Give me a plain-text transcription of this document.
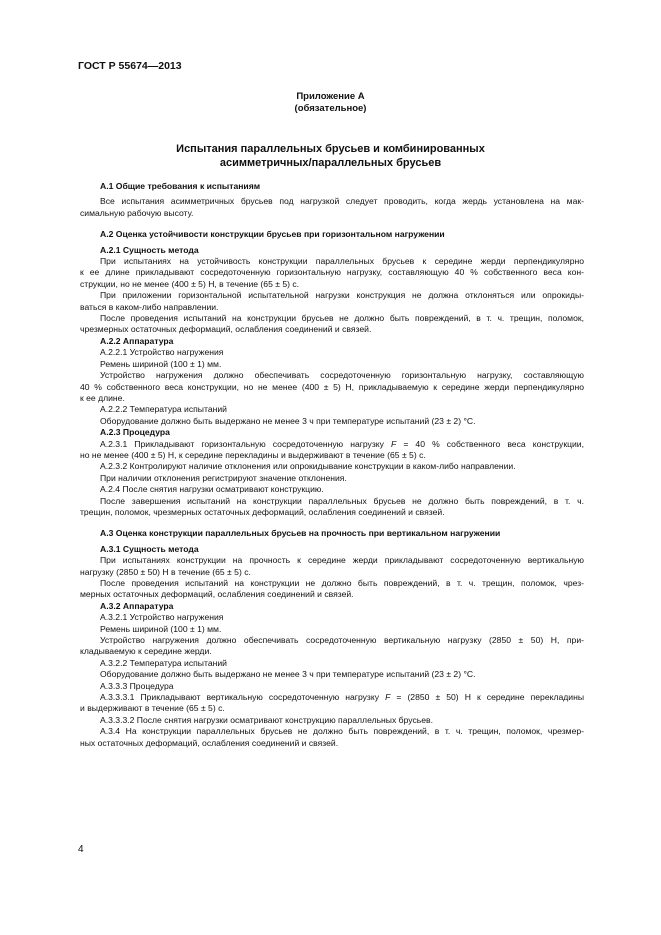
ГОСТ Р 55674—2013
Приложение А
(обязательное)
Испытания параллельных брусьев и комбинированных
асимметричных/параллельных брусьев
А.1 Общие требования к испытаниям
Все испытания асимметричных брусьев под нагрузкой следует проводить, когда жердь установлена на мак-
симальную рабочую высоту.
А.2 Оценка устойчивости конструкции брусьев при горизонтальном нагружении
А.2.1 Сущность метода
При испытаниях на устойчивость конструкции параллельных брусьев к середине жерди перпендикулярно
к ее длине прикладывают сосредоточенную горизонтальную нагрузку, составляющую 40 % собственного веса кон-
струкции, но не менее (400 ± 5) Н, в течение (65 ± 5) с.
При приложении горизонтальной испытательной нагрузки конструкция не должна отклоняться или опрокиды-
ваться в каком-либо направлении.
После проведения испытаний на конструкции брусьев не должно быть повреждений, в т. ч. трещин, поломок,
чрезмерных остаточных деформаций, ослабления соединений и связей.
А.2.2 Аппаратура
А.2.2.1 Устройство нагружения
Ремень шириной (100 ± 1) мм.
Устройство нагружения должно обеспечивать сосредоточенную горизонтальную нагрузку, составляющую
40 % собственного веса конструкции, но не менее (400 ± 5) Н, прикладываемую к середине жерди перпендикулярно
к ее длине.
А.2.2.2 Температура испытаний
Оборудование должно быть выдержано не менее 3 ч при температуре испытаний (23 ± 2) °С.
А.2.3 Процедура
А.2.3.1 Прикладывают горизонтальную сосредоточенную нагрузку F = 40 % собственного веса конструкции,
но не менее (400 ± 5) Н, к середине перекладины и выдерживают в течение (65 ± 5) с.
А.2.3.2 Контролируют наличие отклонения или опрокидывание конструкции в каком-либо направлении.
При наличии отклонения регистрируют значение отклонения.
А.2.4 После снятия нагрузки осматривают конструкцию.
После завершения испытаний на конструкции параллельных брусьев не должно быть повреждений, в т. ч.
трещин, поломок, чрезмерных остаточных деформаций, ослабления соединений и связей.
А.3 Оценка конструкции параллельных брусьев на прочность при вертикальном нагружении
А.3.1 Сущность метода
При испытаниях конструкции на прочность к середине жерди прикладывают сосредоточенную вертикальную
нагрузку (2850 ± 50) Н в течение (65 ± 5) с.
После проведения испытаний на конструкции не должно быть повреждений, в т. ч. трещин, поломок, чрез-
мерных остаточных деформаций, ослабления соединений и связей.
А.3.2 Аппаратура
А.3.2.1 Устройство нагружения
Ремень шириной (100 ± 1) мм.
Устройство нагружения должно обеспечивать сосредоточенную вертикальную нагрузку (2850 ± 50) Н, при-
кладываемую к середине жерди.
А.3.2.2 Температура испытаний
Оборудование должно быть выдержано не менее 3 ч при температуре испытаний (23 ± 2) °С.
А.3.3.3 Процедура
А.3.3.3.1 Прикладывают вертикальную сосредоточенную нагрузку F = (2850 ± 50) Н к середине перекладины
и выдерживают в течение (65 ± 5) с.
А.3.3.3.2 После снятия нагрузки осматривают конструкцию параллельных брусьев.
А.3.4 На конструкции параллельных брусьев не должно быть повреждений, в т. ч. трещин, поломок, чрезмер-
ных остаточных деформаций, ослабления соединений и связей.
4
